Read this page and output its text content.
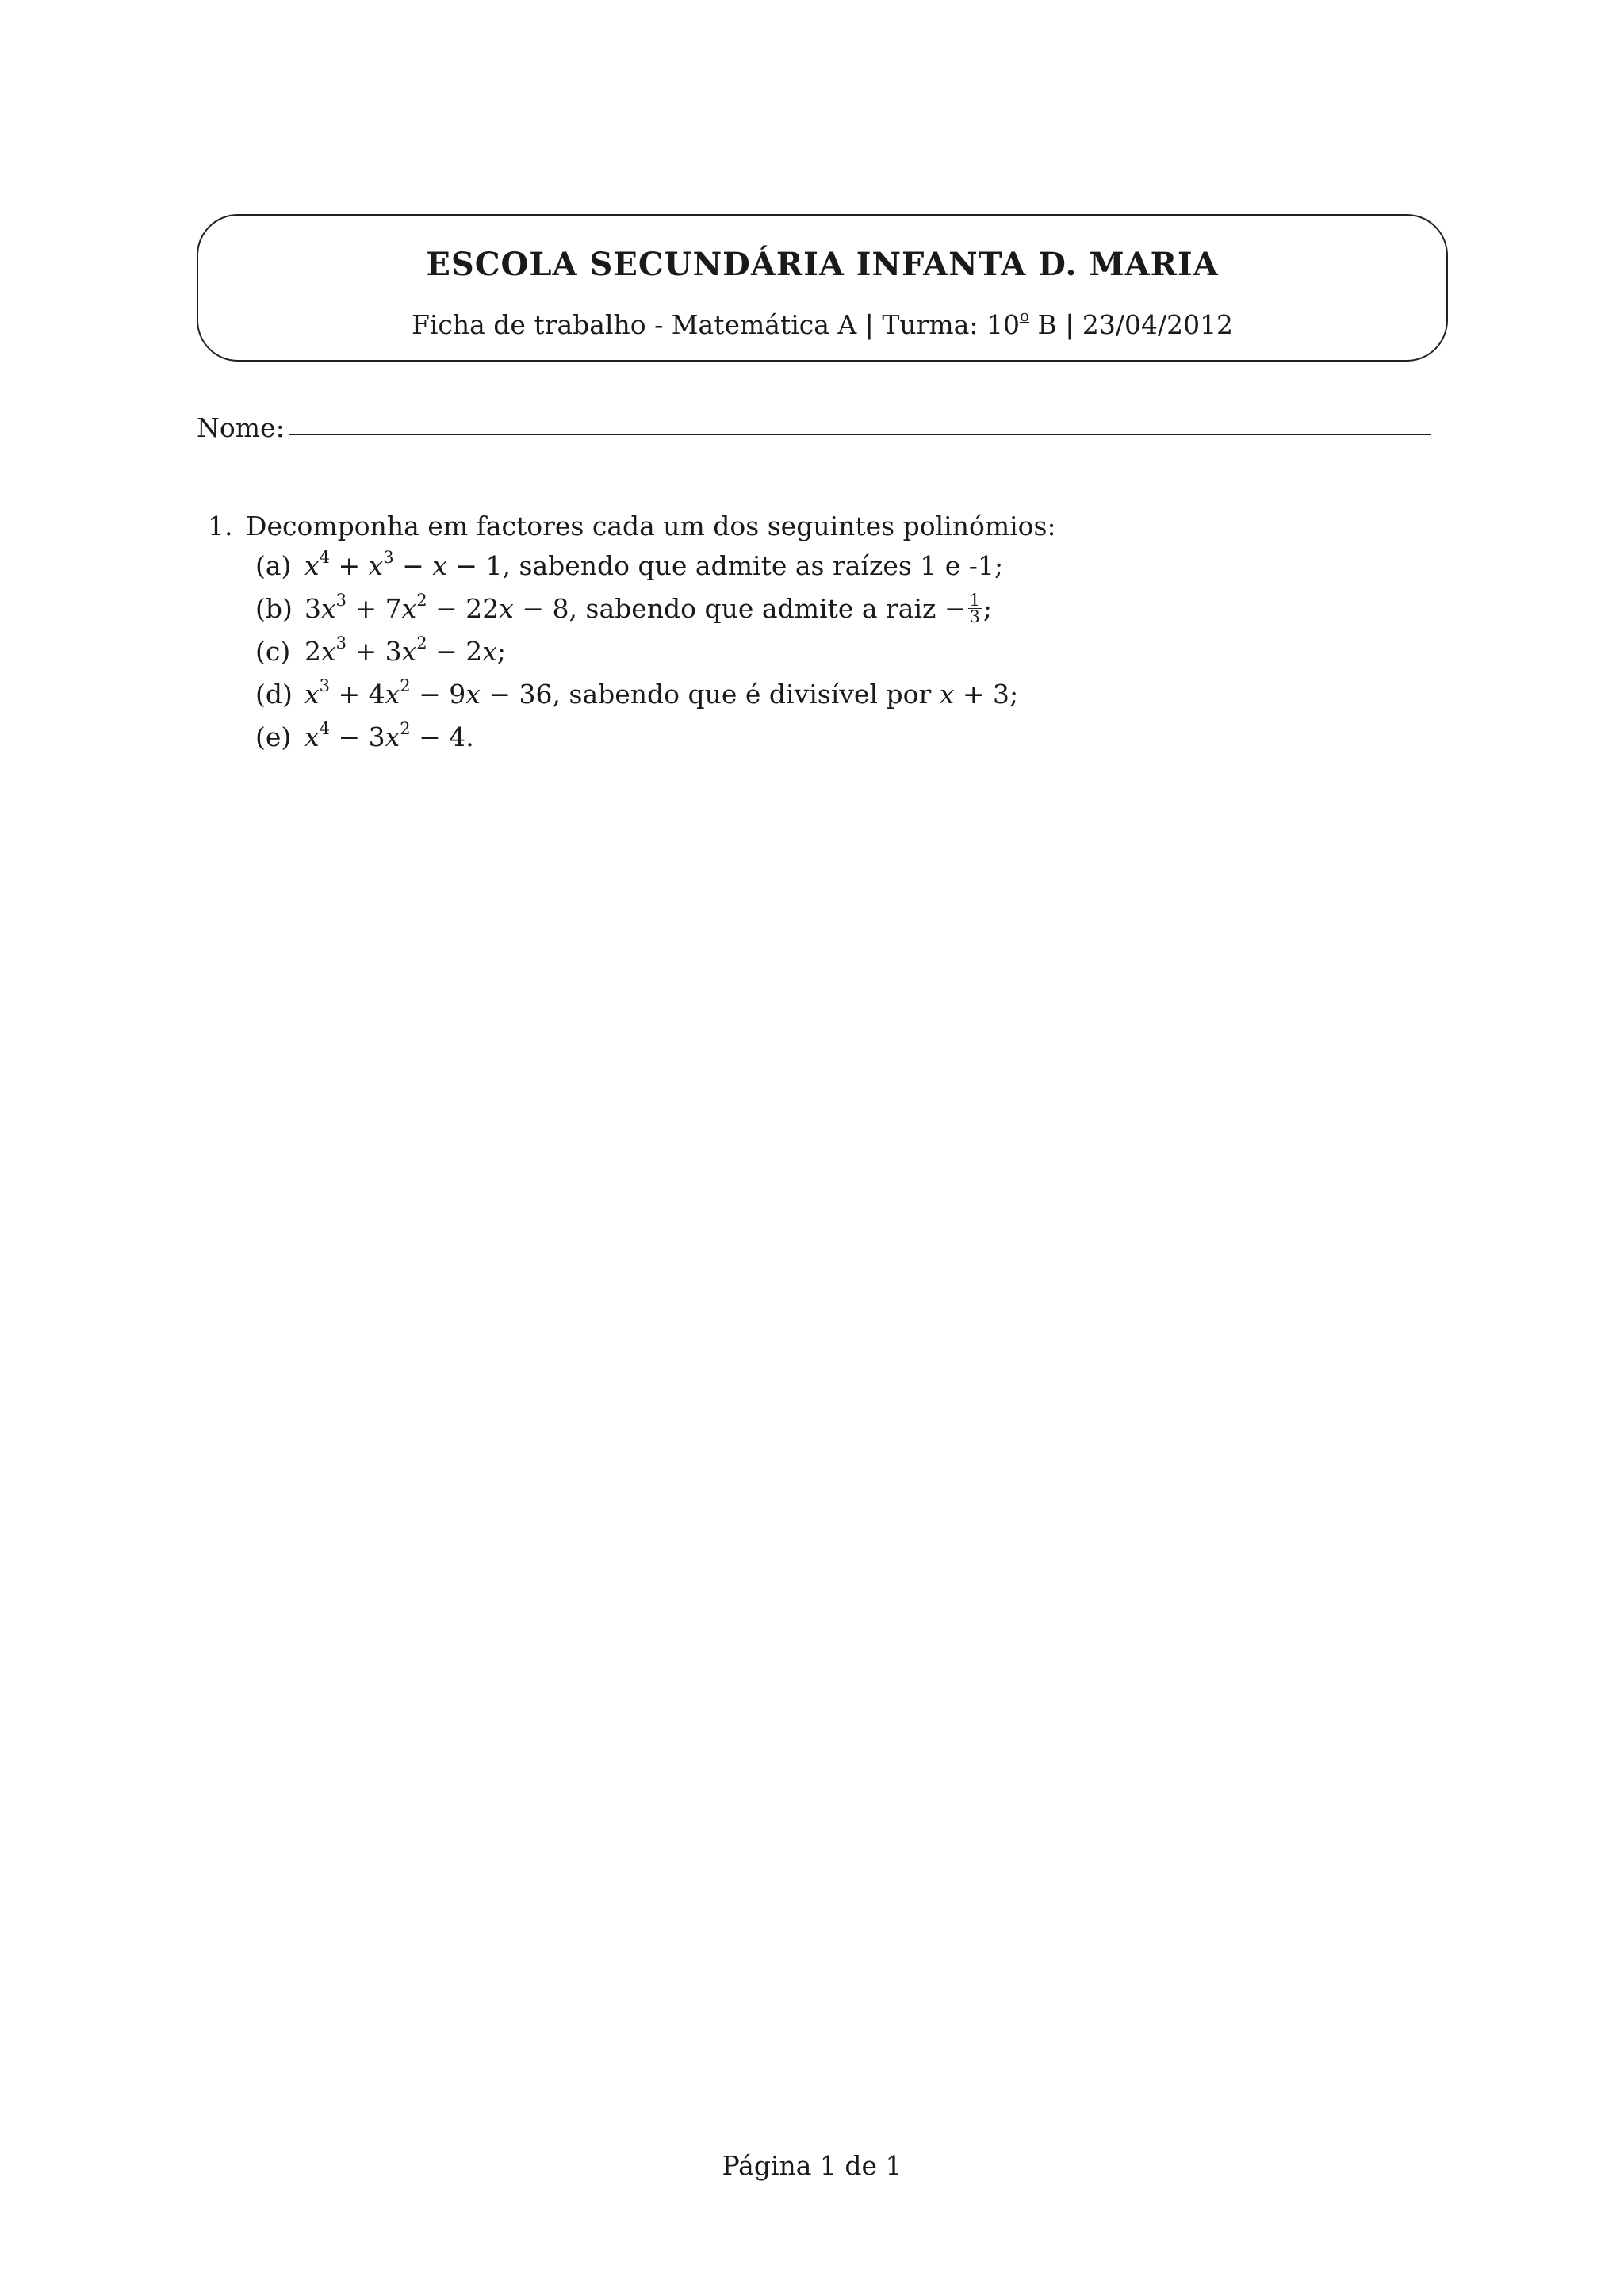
ESCOLA SECUNDÁRIA INFANTA D. MARIA
Ficha de trabalho - Matemática A | Turma: 10$^o$ B | 23/04/2012
Nome:
1. Decomponha em factores cada um dos seguintes polinómios:
(a) $x^4 + x^3 - x - 1$, sabendo que admite as raízes 1 e -1;
(b) $3x^3 + 7x^2 - 22x - 8$, sabendo que admite a raiz − $\frac{1}{3}$ ;
(c) $2x^3 + 3x^2 - 2x$;
(d) $x^3 + 4x^2 - 9x - 36$, sabendo que é divisível por x + 3;
(e) $x^4 - 3x^2 - 4$.
Página 1 de 1
